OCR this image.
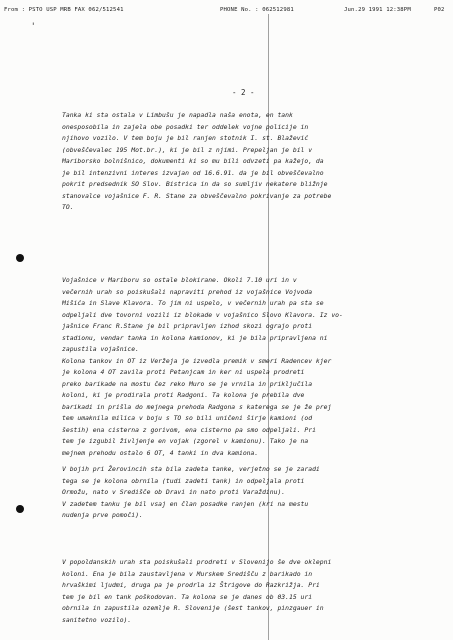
From : PSTO USP MRB FAX 062/512541	PHONE No. : 062512981	Jun.29 1991 12:38PM	P02
'
- 2 -
Tanka ki sta ostala v Limbušu je napadla naša enota, en tank
onesposobila in zajela obe posadki ter oddelek vojne policije in
njihovo vozilo. V tem boju je bil ranjen stotnik I. st. Blažević
(obveščevalec 195 Mot.br.), ki je bil z njimi. Prepeljan je bil v
Mariborsko bolnišnico, dokumenti ki so mu bili odvzeti pa kažejo, da
je bil intenzivni interes izvajan od 16.6.91. da je bil obveščevalno
pokrit predsednik SO Slov. Bistrica in da so sumljiv nekatere bližnje
stanovalce vojašnice F. R. Stane za obveščevalno pokrivanje za potrebe
TO.
Vojašnice v Mariboru so ostale blokirane. Okoli 7.10 uri in v
večernih urah so poiskušali napraviti prehod iz vojašnice Vojvoda
Mišića in Slave Klavora. To jim ni uspelo, v večernih urah pa sta se
odpeljali dve tovorni vozili iz blokade v vojašnico Slovo Klavora. Iz vo-
jašnice Franc R.Stane je bil pripravljen izhod skozi ograjo proti
stadionu, vendar tanka in kolona kamionov, ki je bila pripravljena ni
zapustila vojašnice.
Kolona tankov in OT iz Veržeja je izvedla premik v smeri Radencev kjer
je kolona 4 OT zavila proti Petanjcam in ker ni uspela prodreti
preko barikade na mostu čez reko Muro se je vrnila in priključila
koloni, ki je prodirala proti Radgoni. Ta kolona je prebila dve
barikadi in prišla do mejnega prehoda Radgona s katerega se je že prej
tem umaknila milica v boju s TO so bili uničeni širje kamioni (od
šestih) ena cisterna z gorivom, ena cisterno pa smo odpeljali. Pri
tem je izgubil življenje en vojak (zgorel v kamionu). Tako je na
mejnem prehodu ostalo 6 OT, 4 tanki in dva kamiona.
V bojih pri Žerovincih sta bila zadeta tanke, verjetno se je zaradi
tega se je kolona obrnila (tudi zadeti tank) in odpeljala proti
Ormožu, nato v Središče ob Dravi in nato proti Varaždinu).
V zadetem tanku je bil vsaj en član posadke ranjen (kri na mestu
nudenja prve pomoči).
V popoldanskih urah sta poiskušali prodreti v Slovenijo še dve oklepni
koloni. Ena je bila zaustavljena v Murskem Središču z barikado in
hrvaškimi ljudmi, druga pa je prodrla iz Štrigove do Razkrižja. Pri
tem je bil en tank poškodovan. Ta kolona se je danes ob 03.15 uri
obrnila in zapustila ozemlje R. Slovenije (šest tankov, pinzgauer in
sanitetno vozilo).
